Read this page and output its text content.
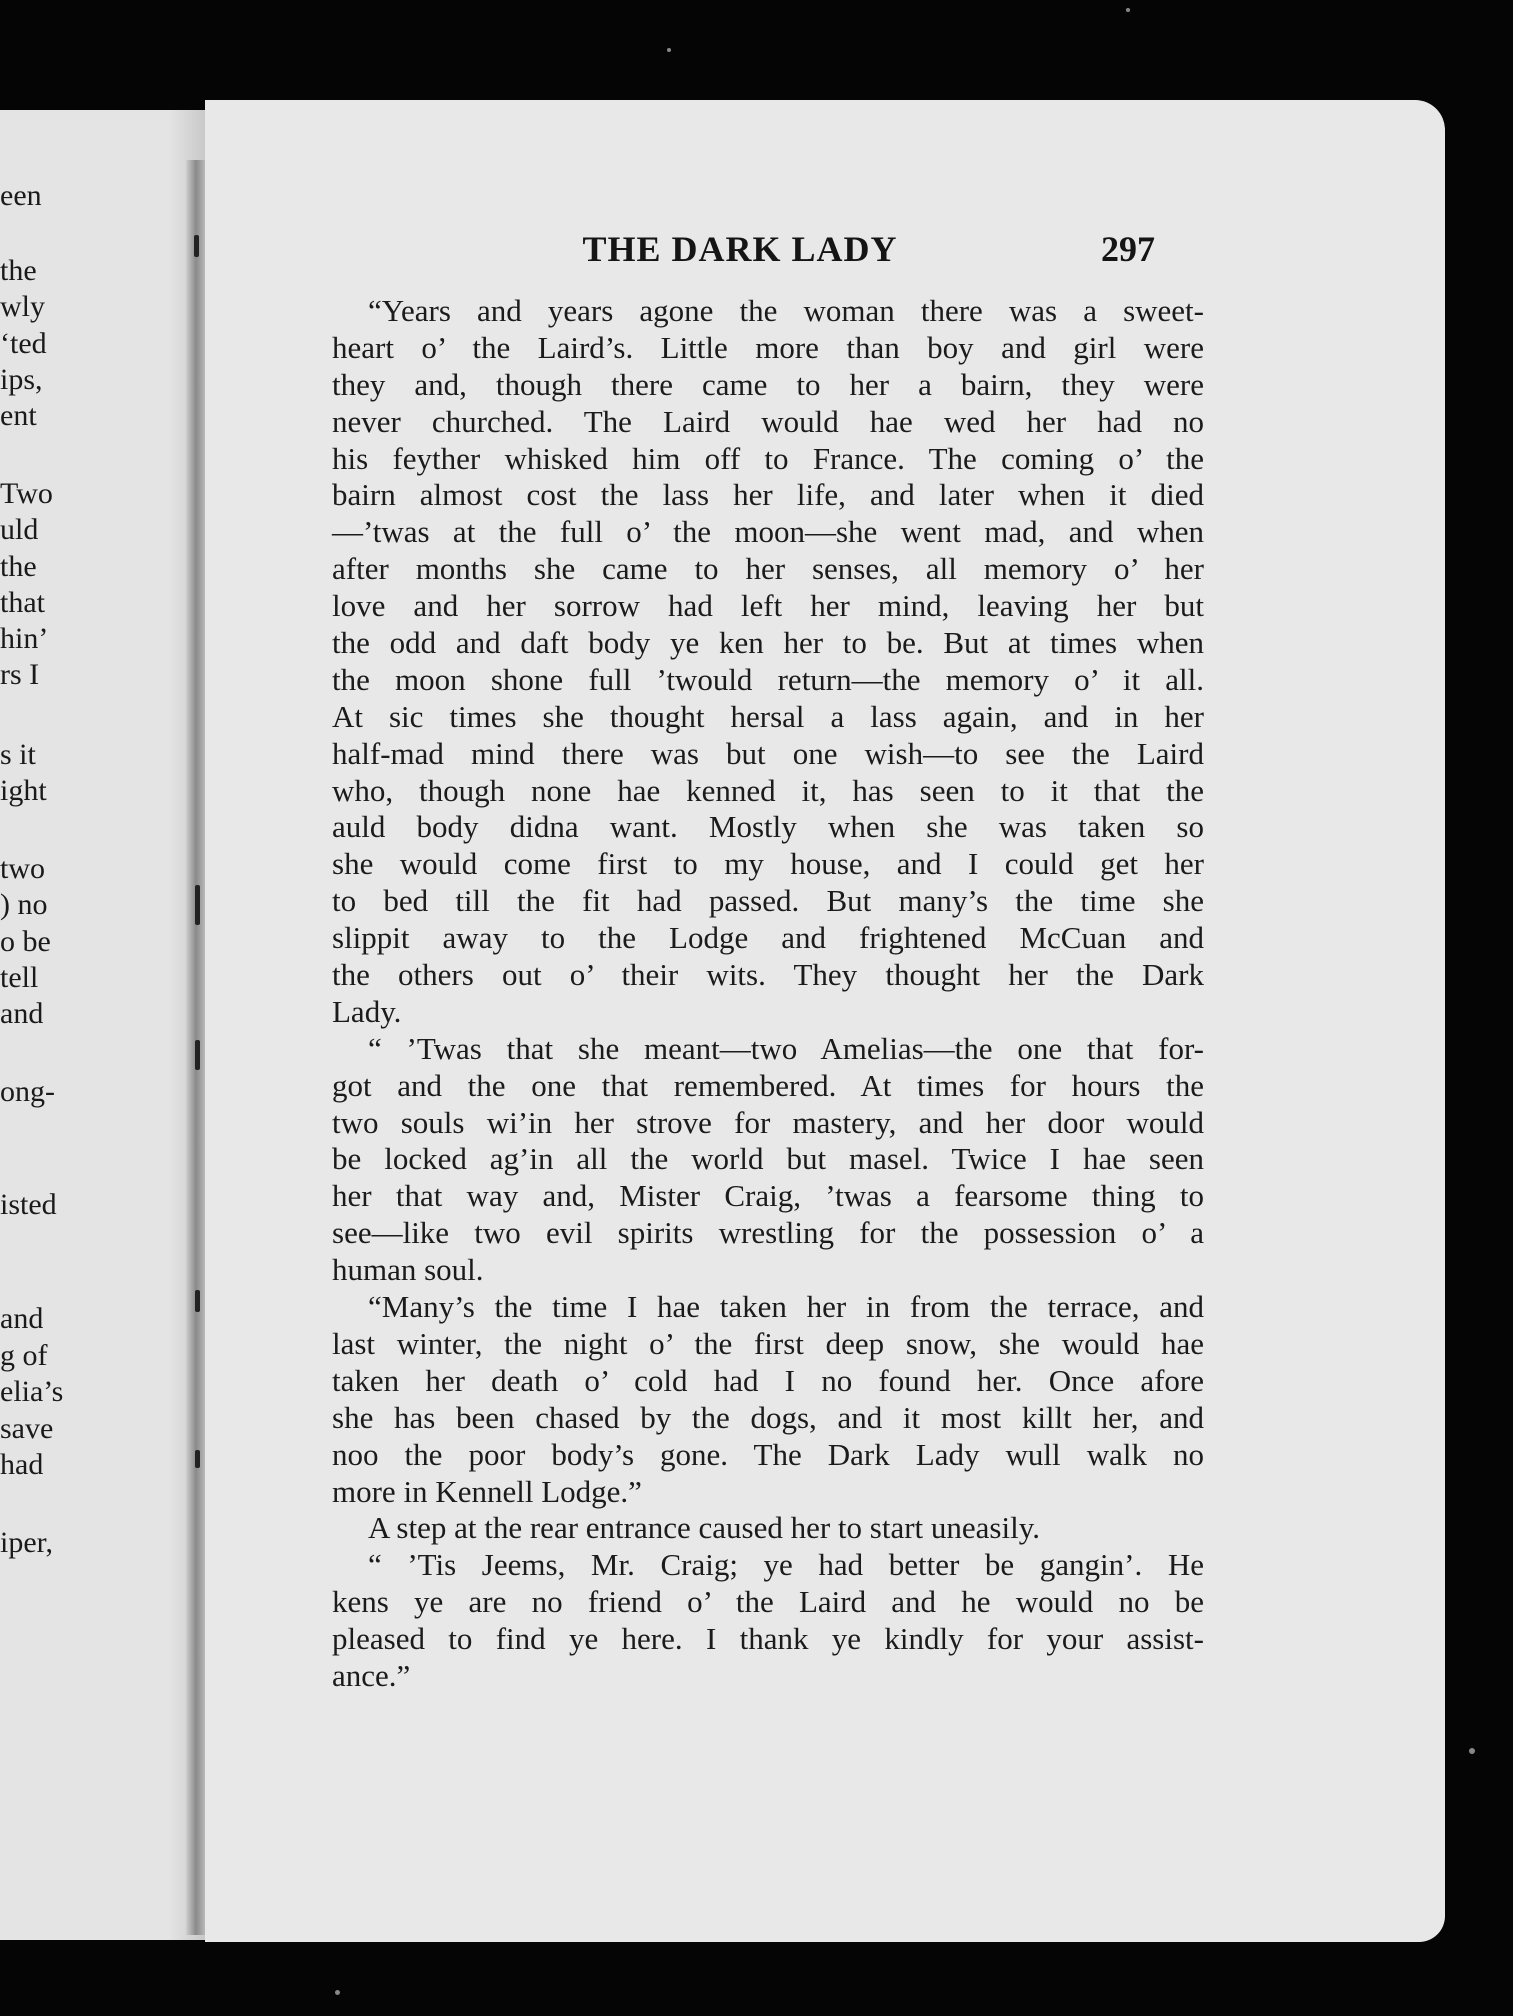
een
the
wly
‘ted
ips,
ent
Two
uld
the
that
hin’
rs I
s it
ight
two
) no
o be
tell
and
ong-
isted
and
g of
elia’s
save
had
iper,
THE DARK LADY	297
“Years and years agone the woman there was a sweet-
heart o’ the Laird’s. Little more than boy and girl were
they and, though there came to her a bairn, they were
never churched. The Laird would hae wed her had no
his feyther whisked him off to France. The coming o’ the
bairn almost cost the lass her life, and later when it died
—’twas at the full o’ the moon—she went mad, and when
after months she came to her senses, all memory o’ her
love and her sorrow had left her mind, leaving her but
the odd and daft body ye ken her to be. But at times when
the moon shone full ’twould return—the memory o’ it all.
At sic times she thought hersal a lass again, and in her
half-mad mind there was but one wish—to see the Laird
who, though none hae kenned it, has seen to it that the
auld body didna want. Mostly when she was taken so
she would come first to my house, and I could get her
to bed till the fit had passed. But many’s the time she
slippit away to the Lodge and frightened McCuan and
the others out o’ their wits. They thought her the Dark
Lady.
“ ’Twas that she meant—two Amelias—the one that for-
got and the one that remembered. At times for hours the
two souls wi’in her strove for mastery, and her door would
be locked ag’in all the world but masel. Twice I hae seen
her that way and, Mister Craig, ’twas a fearsome thing to
see—like two evil spirits wrestling for the possession o’ a
human soul.
“Many’s the time I hae taken her in from the terrace, and
last winter, the night o’ the first deep snow, she would hae
taken her death o’ cold had I no found her. Once afore
she has been chased by the dogs, and it most killt her, and
noo the poor body’s gone. The Dark Lady wull walk no
more in Kennell Lodge.”
A step at the rear entrance caused her to start uneasily.
“ ’Tis Jeems, Mr. Craig; ye had better be gangin’. He
kens ye are no friend o’ the Laird and he would no be
pleased to find ye here. I thank ye kindly for your assist-
ance.”
